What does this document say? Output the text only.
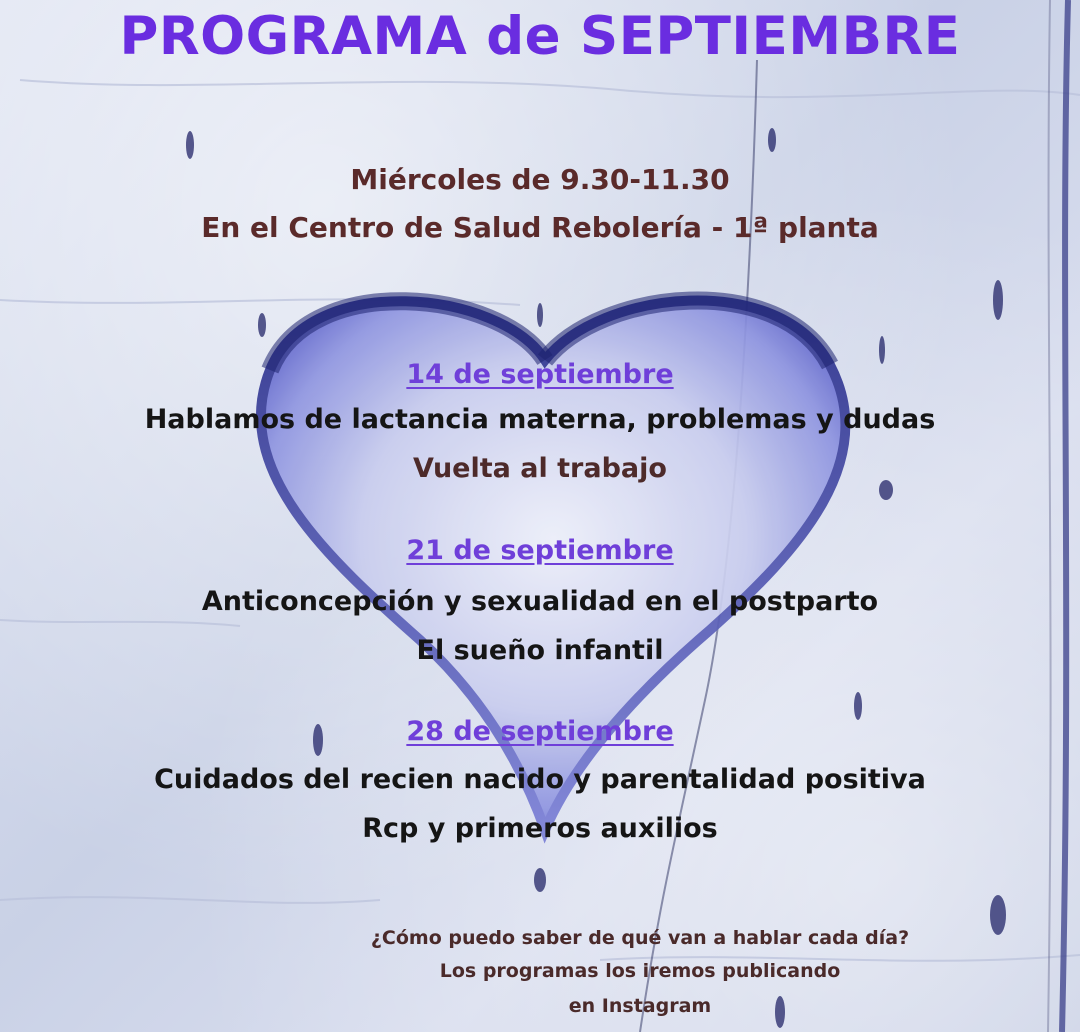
PROGRAMA de SEPTIEMBRE
Miércoles de 9.30-11.30
En el Centro de Salud Rebolería - 1ª planta
14 de septiembre
Hablamos de lactancia materna, problemas y dudas
Vuelta al trabajo
21 de septiembre
Anticoncepción y sexualidad en el postparto
El sueño infantil
28 de septiembre
Cuidados del recien nacido y parentalidad positiva
Rcp y primeros auxilios
¿Cómo puedo saber de qué van a hablar cada día?
Los programas los iremos publicando
en Instagram
